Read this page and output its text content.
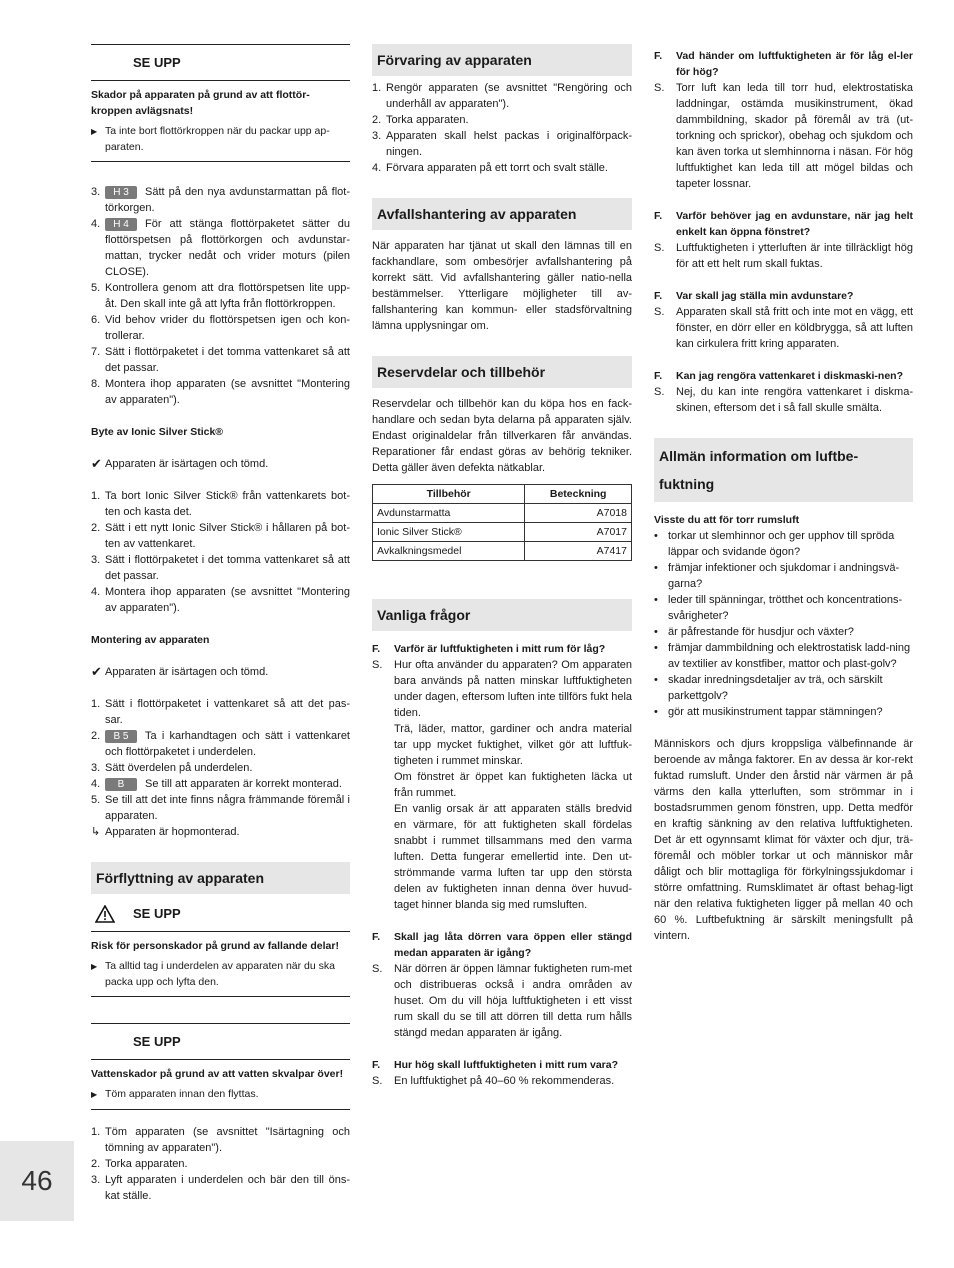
SE UPP
Skador på apparaten på grund av att flottör-kroppen avlägsnats!
▶ Ta inte bort flottörkroppen när du packar upp ap-paraten.
3.	H 3 Sätt på den nya avdunstarmattan på flot-törkorgen.
4.	H 4 För att stänga flottörpaketet sätter du flottörspetsen på flottörkorgen och avdunstar-mattan, trycker nedåt och vrider moturs (pilen CLOSE).
5. Kontrollera genom att dra flottörspetsen lite upp-åt. Den skall inte gå att lyfta från flottörkroppen.
6. Vid behov vrider du flottörspetsen igen och kon-trollerar.
7. Sätt i flottörpaketet i det tomma vattenkaret så att det passar.
8. Montera ihop apparaten (se avsnittet "Montering av apparaten").
Byte av Ionic Silver Stick®
✔ Apparaten är isärtagen och tömd.
1. Ta bort Ionic Silver Stick® från vattenkarets bot-ten och kasta det.
2. Sätt i ett nytt Ionic Silver Stick® i hållaren på bot-ten av vattenkaret.
3. Sätt i flottörpaketet i det tomma vattenkaret så att det passar.
4. Montera ihop apparaten (se avsnittet "Montering av apparaten").
Montering av apparaten
✔ Apparaten är isärtagen och tömd.
1. Sätt i flottörpaketet i vattenkaret så att det pas-sar.
2.	B 5 Ta i karhandtagen och sätt i vattenkaret och flottörpaketet i underdelen.
3. Sätt överdelen på underdelen.
4.	B Se till att apparaten är korrekt monterad.
5. Se till att det inte finns några främmande föremål i apparaten.
↳ Apparaten är hopmonterad.
Förflyttning av apparaten
SE UPP
Risk för personskador på grund av fallande delar!
▶ Ta alltid tag i underdelen av apparaten när du ska packa upp och lyfta den.
SE UPP
Vattenskador på grund av att vatten skvalpar över!
▶ Töm apparaten innan den flyttas.
1. Töm apparaten (se avsnittet "Isärtagning och tömning av apparaten").
2. Torka apparaten.
3. Lyft apparaten i underdelen och bär den till öns-kat ställe.
Förvaring av apparaten
1. Rengör apparaten (se avsnittet "Rengöring och underhåll av apparaten").
2. Torka apparaten.
3. Apparaten skall helst packas i originalförpack-ningen.
4. Förvara apparaten på ett torrt och svalt ställe.
Avfallshantering av apparaten

När apparaten har tjänat ut skall den lämnas till en fackhandlare, som ombesörjer avfallshantering på korrekt sätt. Vid avfallshantering gäller natio-nella bestämmelser. Ytterligare möjligheter till av-fallshantering kan kommun- eller stadsförvaltning lämna upplysningar om.

Reservdelar och tillbehör

Reservdelar och tillbehör kan du köpa hos en fack-handlare och sedan byta delarna på apparaten själv. Endast originaldelar från tillverkaren får användas. Reparationer får endast göras av behörig tekniker. Detta gäller även defekta nätkablar.

Tillbehör	Beteckning
Avdunstarmatta	A7018
Ionic Silver Stick®	A7017
Avkalkningsmedel	A7417
Vanliga frågor
F.	Varför är luftfuktigheten i mitt rum för låg?
S.	Hur ofta använder du apparaten? Om apparaten bara används på natten minskar luftfuktigheten under dagen, eftersom luften inte tillförs fukt hela tiden.
Trä, läder, mattor, gardiner och andra material tar upp mycket fuktighet, vilket gör att luftfuk-tigheten i rummet minskar.
Om fönstret är öppet kan fuktigheten läcka ut från rummet.
En vanlig orsak är att apparaten ställs bredvid en värmare, för att fuktigheten skall fördelas snabbt i rummet tillsammans med den varma luften. Detta fungerar emellertid inte. Den ut-strömmande varma luften tar upp den största delen av fuktigheten innan denna över huvud-taget hinner blanda sig med rumsluften.
F.	Skall jag låta dörren vara öppen eller stängd medan apparaten är igång?
S.	När dörren är öppen lämnar fuktigheten rum-met och distribueras också i andra områden av huset. Om du vill höja luftfuktigheten i ett visst rum skall du se till att dörren till detta rum hålls stängd medan apparaten är igång.
F.	Hur hög skall luftfuktigheten i mitt rum vara?
S.	En luftfuktighet på 40–60 % rekommenderas.
F.	Vad händer om luftfuktigheten är för låg el-ler för hög?
S.	Torr luft kan leda till torr hud, elektrostatiska laddningar, ostämda musikinstrument, ökad dammbildning, skador på föremål av trä (ut-torkning och sprickor), obehag och sjukdom och kan även torka ut slemhinnorna i näsan. För hög luftfuktighet kan leda till att mögel bildas och tapeter lossnar.
F.	Varför behöver jag en avdunstare, när jag helt enkelt kan öppna fönstret?
S.	Luftfuktigheten i ytterluften är inte tillräckligt hög för att ett helt rum skall fuktas.
F.	Var skall jag ställa min avdunstare?
S.	Apparaten skall stå fritt och inte mot en vägg, ett fönster, en dörr eller en köldbrygga, så att luften kan cirkulera fritt kring apparaten.
F.	Kan jag rengöra vattenkaret i diskmaski-nen?
S.	Nej, du kan inte rengöra vattenkaret i diskma-skinen, eftersom det i så fall skulle smälta.
Allmän information om luftbe-fuktning
Visste du att för torr rumsluft
• torkar ut slemhinnor och ger upphov till spröda läppar och svidande ögon?
• främjar infektioner och sjukdomar i andningsvä-garna?
• leder till spänningar, trötthet och koncentrations-svårigheter?
• är påfrestande för husdjur och växter?
• främjar dammbildning och elektrostatisk ladd-ning av textilier av konstfiber, mattor och plast-golv?
• skadar inredningsdetaljer av trä, och särskilt parkettgolv?
• gör att musikinstrument tappar stämningen?

Människors och djurs kroppsliga välbefinnande är beroende av många faktorer. En av dessa är kor-rekt fuktad rumsluft. Under den årstid när värmen är på värms den kalla ytterluften, som strömmar in i bostadsrummen genom fönstren, upp. Detta medför en kraftig sänkning av den relativa luftfuktigheten. Det är ett ogynnsamt klimat för växter och djur, trä-föremål och möbler torkar ut och människor mår dåligt och blir mottagliga för förkylningssjukdomar i större omfattning. Rumsklimatet är oftast behag-ligt när den relativa fuktigheten ligger på mellan 40 och 60 %. Luftbefuktning är särskilt meningsfullt på vintern.

46
